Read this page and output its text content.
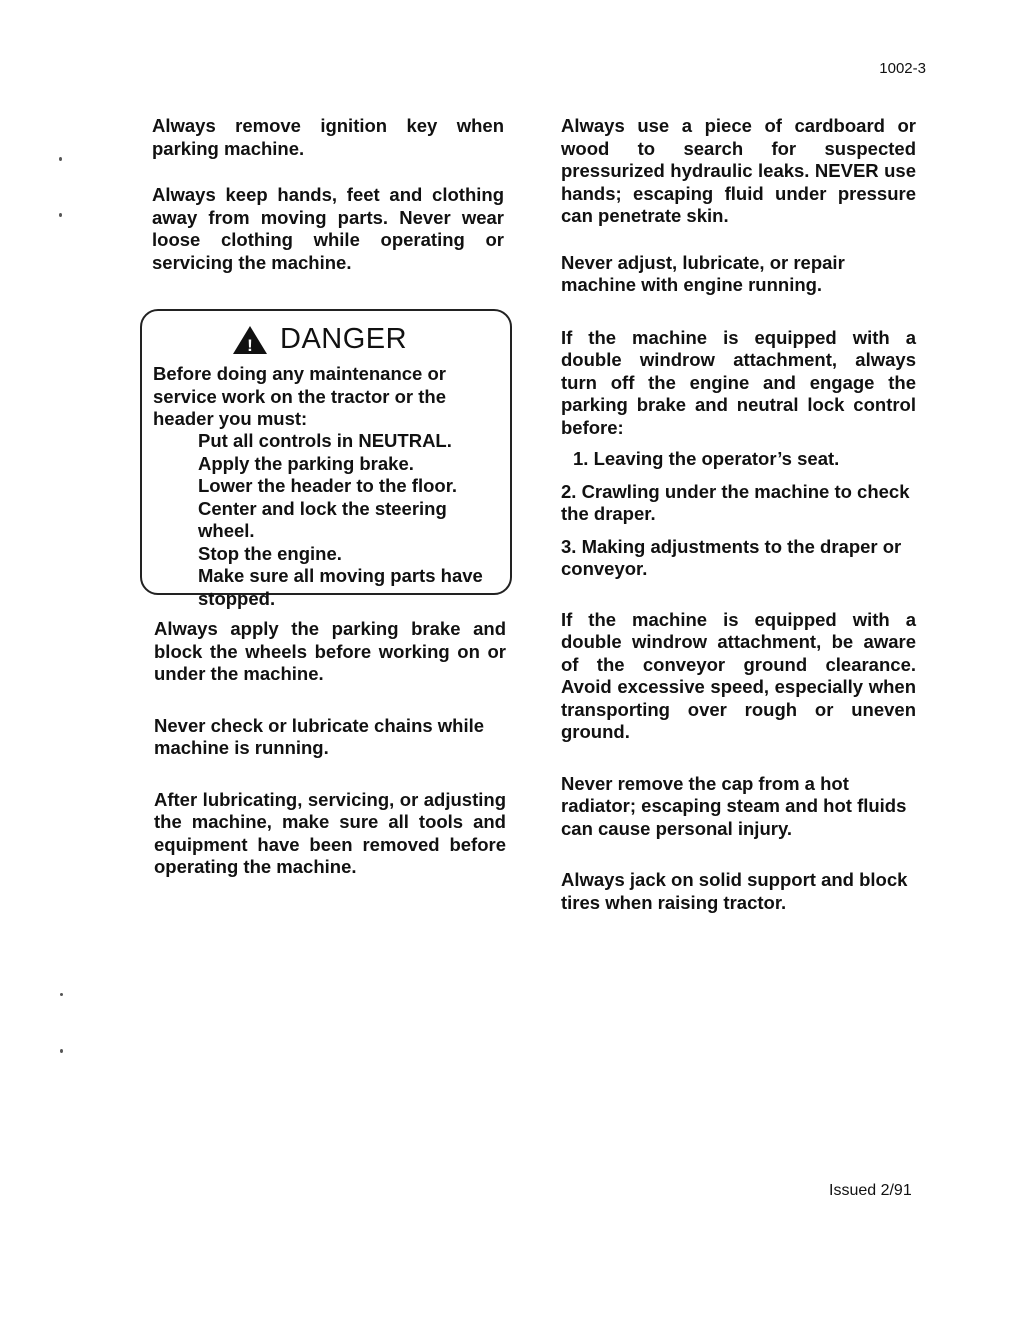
1002-3

Always remove ignition key when parking machine.

Always keep hands, feet and clothing away from moving parts. Never wear loose clothing while operating or servicing the machine.

! DANGER
Before doing any maintenance or service work on the tractor or the header you must:
Put all controls in NEUTRAL.
Apply the parking brake.
Lower the header to the floor.
Center and lock the steering wheel.
Stop the engine.
Make sure all moving parts have stopped.

Always apply the parking brake and block the wheels before working on or under the machine.

Never check or lubricate chains while machine is running.

After lubricating, servicing, or adjusting the machine, make sure all tools and equipment have been removed before operating the machine.

Always use a piece of cardboard or wood to search for suspected pressurized hydraulic leaks. NEVER use hands; escaping fluid under pressure can penetrate skin.

Never adjust, lubricate, or repair machine with engine running.

If the machine is equipped with a double windrow attachment, always turn off the engine and engage the parking brake and neutral lock control before:

1. Leaving the operator’s seat.
2. Crawling under the machine to check the draper.
3. Making adjustments to the draper or conveyor.

If the machine is equipped with a double windrow attachment, be aware of the conveyor ground clearance. Avoid excessive speed, especially when transporting over rough or uneven ground.

Never remove the cap from a hot radiator; escaping steam and hot fluids can cause personal injury.

Always jack on solid support and block tires when raising tractor.

Issued 2/91
